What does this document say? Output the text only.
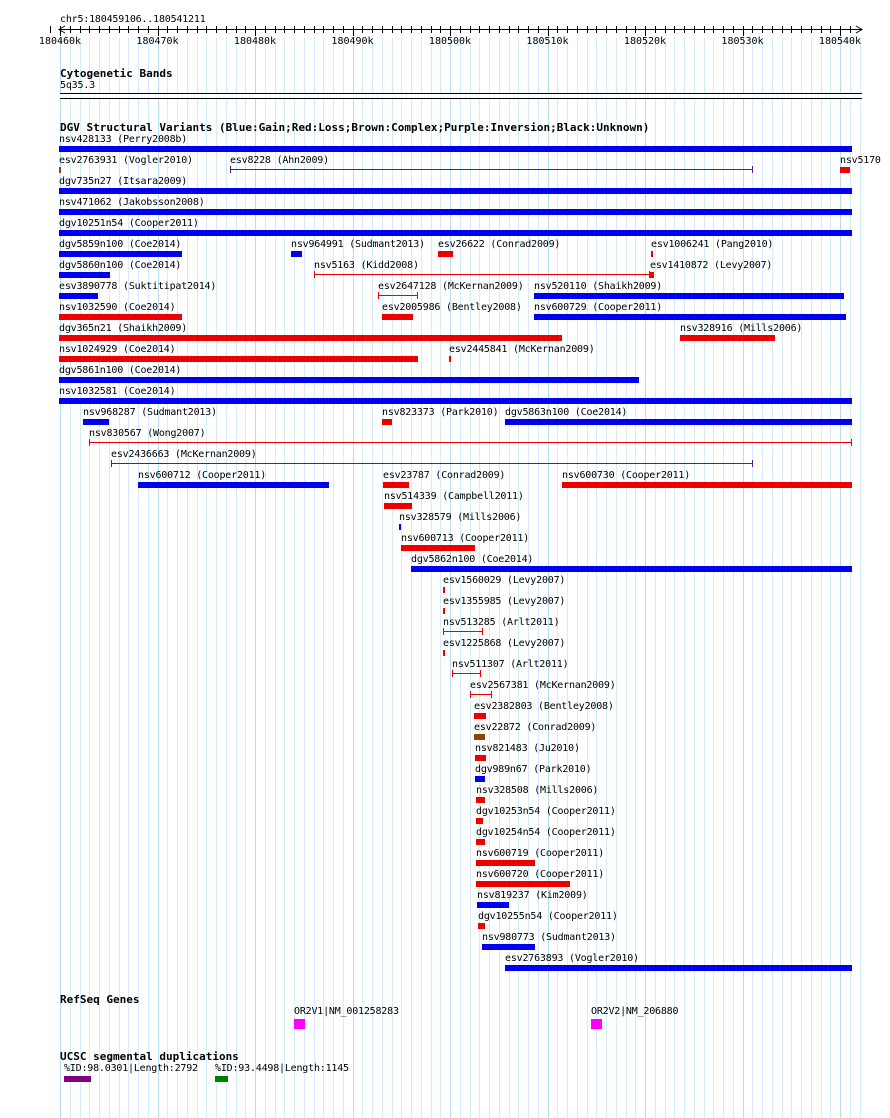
chr5:180459106..180541211
180460k	180470k	180480k	180490k	180500k	180510k	180520k	180530k	180540k
Cytogenetic Bands
5q35.3
DGV Structural Variants (Blue:Gain;Red:Loss;Brown:Complex;Purple:Inversion;Black:Unknown)
nsv428133 (Perry2008b)
esv2763931 (Vogler2010)	esv8228 (Ahn2009)	nsv5170
dgv735n27 (Itsara2009)
nsv471062 (Jakobsson2008)
dgv10251n54 (Cooper2011)
dgv5859n100 (Coe2014)	nsv964991 (Sudmant2013) esv26622 (Conrad2009)	esv1006241 (Pang2010)
dgv5860n100 (Coe2014)	nsv5163 (Kidd2008)	esv1410872 (Levy2007)
esv3890778 (Suktitipat2014)	esv2647128 (McKernan2009) nsv520110 (Shaikh2009)
nsv1032590 (Coe2014)	esv2005986 (Bentley2008) nsv600729 (Cooper2011)
dgv365n21 (Shaikh2009)	nsv328916 (Mills2006)
nsv1024929 (Coe2014)	esv2445841 (McKernan2009)
dgv5861n100 (Coe2014)
nsv1032581 (Coe2014)
nsv968287 (Sudmant2013)	nsv823373 (Park2010) dgv5863n100 (Coe2014)
nsv830567 (Wong2007)
esv2436663 (McKernan2009)
nsv600712 (Cooper2011)	esv23787 (Conrad2009)	nsv600730 (Cooper2011)
nsv514339 (Campbell2011)
nsv328579 (Mills2006)
nsv600713 (Cooper2011)
dgv5862n100 (Coe2014)
esv1560029 (Levy2007)
esv1355985 (Levy2007)
nsv513285 (Arlt2011)
esv1225868 (Levy2007)
nsv511307 (Arlt2011)
esv2567381 (McKernan2009)
esv2382803 (Bentley2008)
esv22872 (Conrad2009)
nsv821483 (Ju2010)
dgv989n67 (Park2010)
nsv328508 (Mills2006)
dgv10253n54 (Cooper2011)
dgv10254n54 (Cooper2011)
nsv600719 (Cooper2011)
nsv600720 (Cooper2011)
nsv819237 (Kim2009)
dgv10255n54 (Cooper2011)
nsv980773 (Sudmant2013)
esv2763893 (Vogler2010)
RefSeq Genes
OR2V1|NM_001258283	OR2V2|NM_206880
UCSC segmental duplications
%ID:98.0301|Length:2792 %ID:93.4498|Length:1145
